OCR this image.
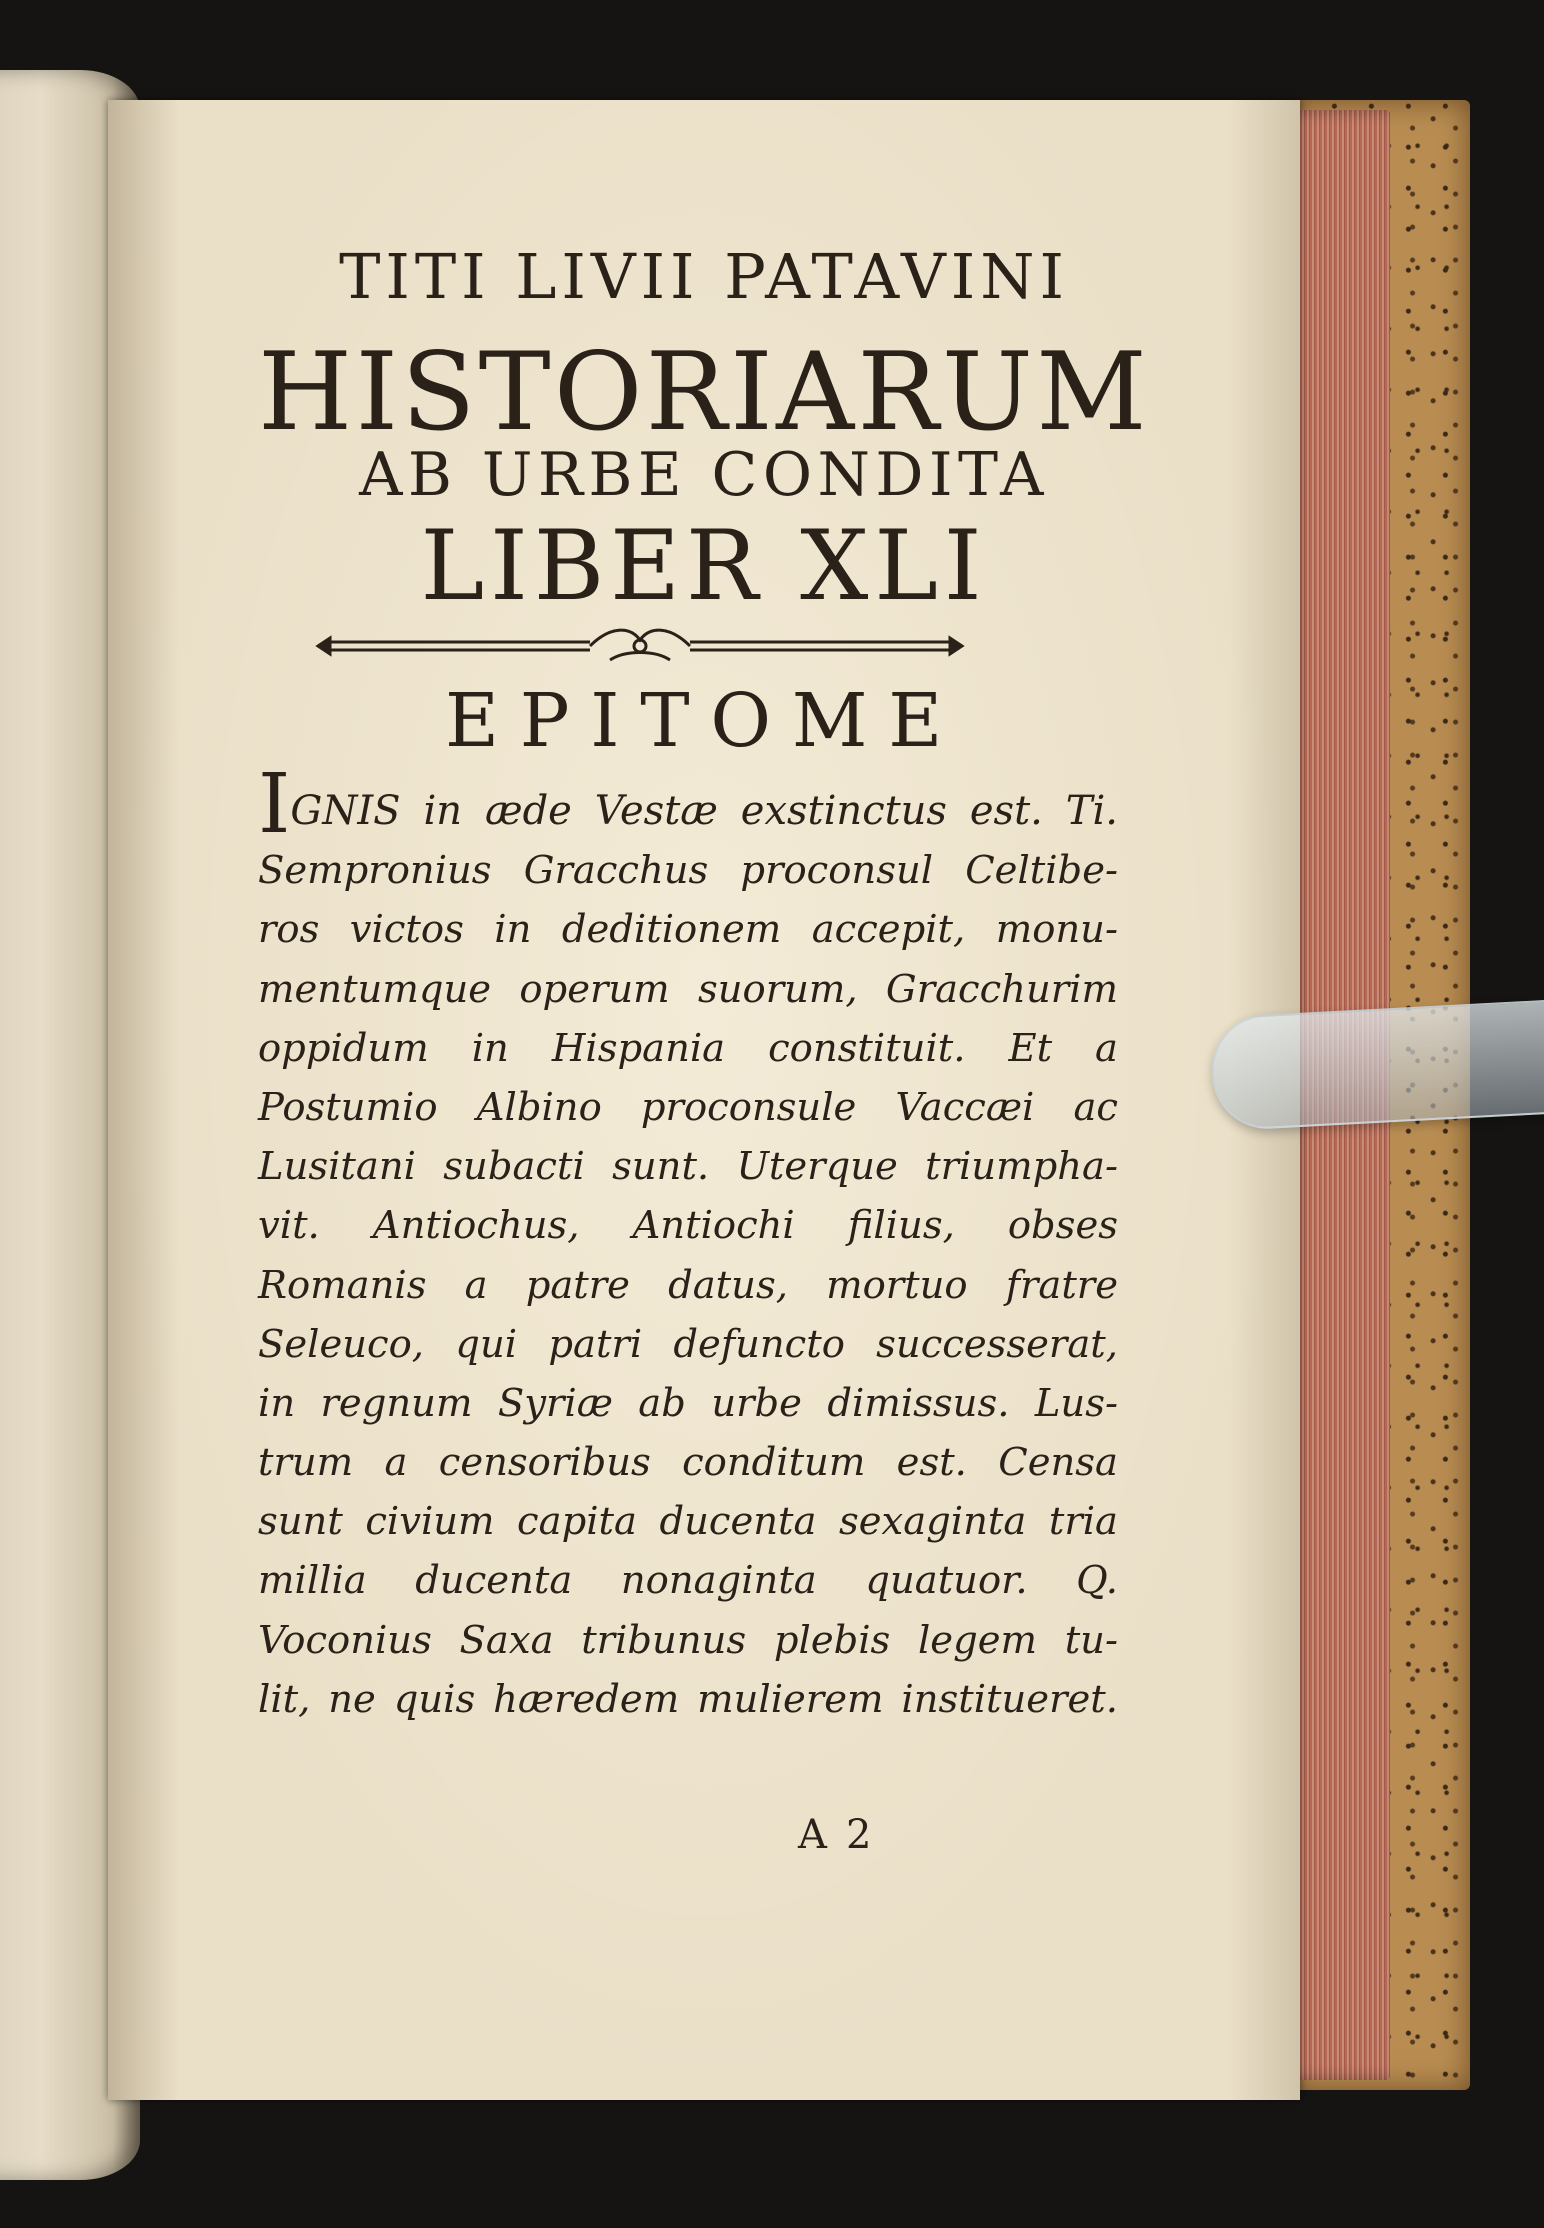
TITI LIVII PATAVINI
HISTORIARUM
AB URBE CONDITA
LIBER XLI
EPITOME
IGNIS in æde Vestæ exstinctus est. Ti.
Sempronius Gracchus proconsul Celtibe-
ros victos in deditionem accepit, monu-
mentumque operum suorum, Gracchurim
oppidum in Hispania constituit. Et a
Postumio Albino proconsule Vaccæi ac
Lusitani subacti sunt. Uterque triumpha-
vit. Antiochus, Antiochi filius, obses
Romanis a patre datus, mortuo fratre
Seleuco, qui patri defuncto successerat,
in regnum Syriæ ab urbe dimissus. Lus-
trum a censoribus conditum est. Censa
sunt civium capita ducenta sexaginta tria
millia ducenta nonaginta quatuor. Q.
Voconius Saxa tribunus plebis legem tu-
lit, ne quis hæredem mulierem institueret.
A 2
